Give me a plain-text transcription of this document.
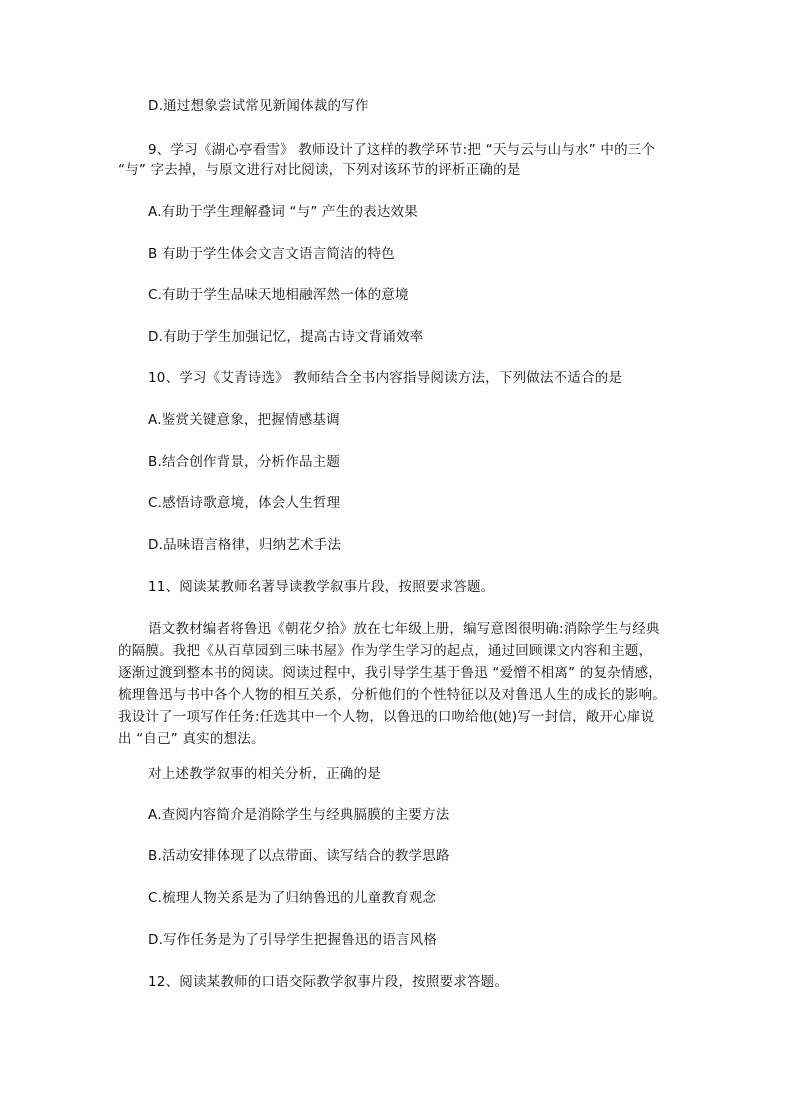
D.通过想象尝试常见新闻体裁的写作
9、学习《湖心亭看雪》 教师设计了这样的教学环节:把 “天与云与山与水” 中的三个
“与” 字去掉，与原文进行对比阅读，下列对该环节的评析正确的是
A.有助于学生理解叠词 “与” 产生的表达效果
B 有助于学生体会文言文语言简洁的特色
C.有助于学生品味天地相融浑然一体的意境
D.有助于学生加强记忆，提高古诗文背诵效率
10、学习《艾青诗选》 教师结合全书内容指导阅读方法，下列做法不适合的是
A.鉴赏关键意象，把握情感基调
B.结合创作背景，分析作品主题
C.感悟诗歌意境，体会人生哲理
D.品味语言格律，归纳艺术手法
11、阅读某教师名著导读教学叙事片段，按照要求答题。
语文教材编者将鲁迅《朝花夕拾》放在七年级上册，编写意图很明确:消除学生与经典
的隔膜。我把《从百草园到三味书屋》作为学生学习的起点，通过回顾课文内容和主题，
逐渐过渡到整本书的阅读。阅读过程中，我引导学生基于鲁迅 “爱憎不相离” 的复杂情感，
梳理鲁迅与书中各个人物的相互关系，分析他们的个性特征以及对鲁迅人生的成长的影响。
我设计了一项写作任务:任选其中一个人物，以鲁迅的口吻给他(她)写一封信，敞开心扉说
出 “自己” 真实的想法。
对上述教学叙事的相关分析，正确的是
A.查阅内容简介是消除学生与经典膈膜的主要方法
B.活动安排体现了以点带面、读写结合的教学思路
C.梳理人物关系是为了归纳鲁迅的儿童教育观念
D.写作任务是为了引导学生把握鲁迅的语言风格
12、阅读某教师的口语交际教学叙事片段，按照要求答题。
